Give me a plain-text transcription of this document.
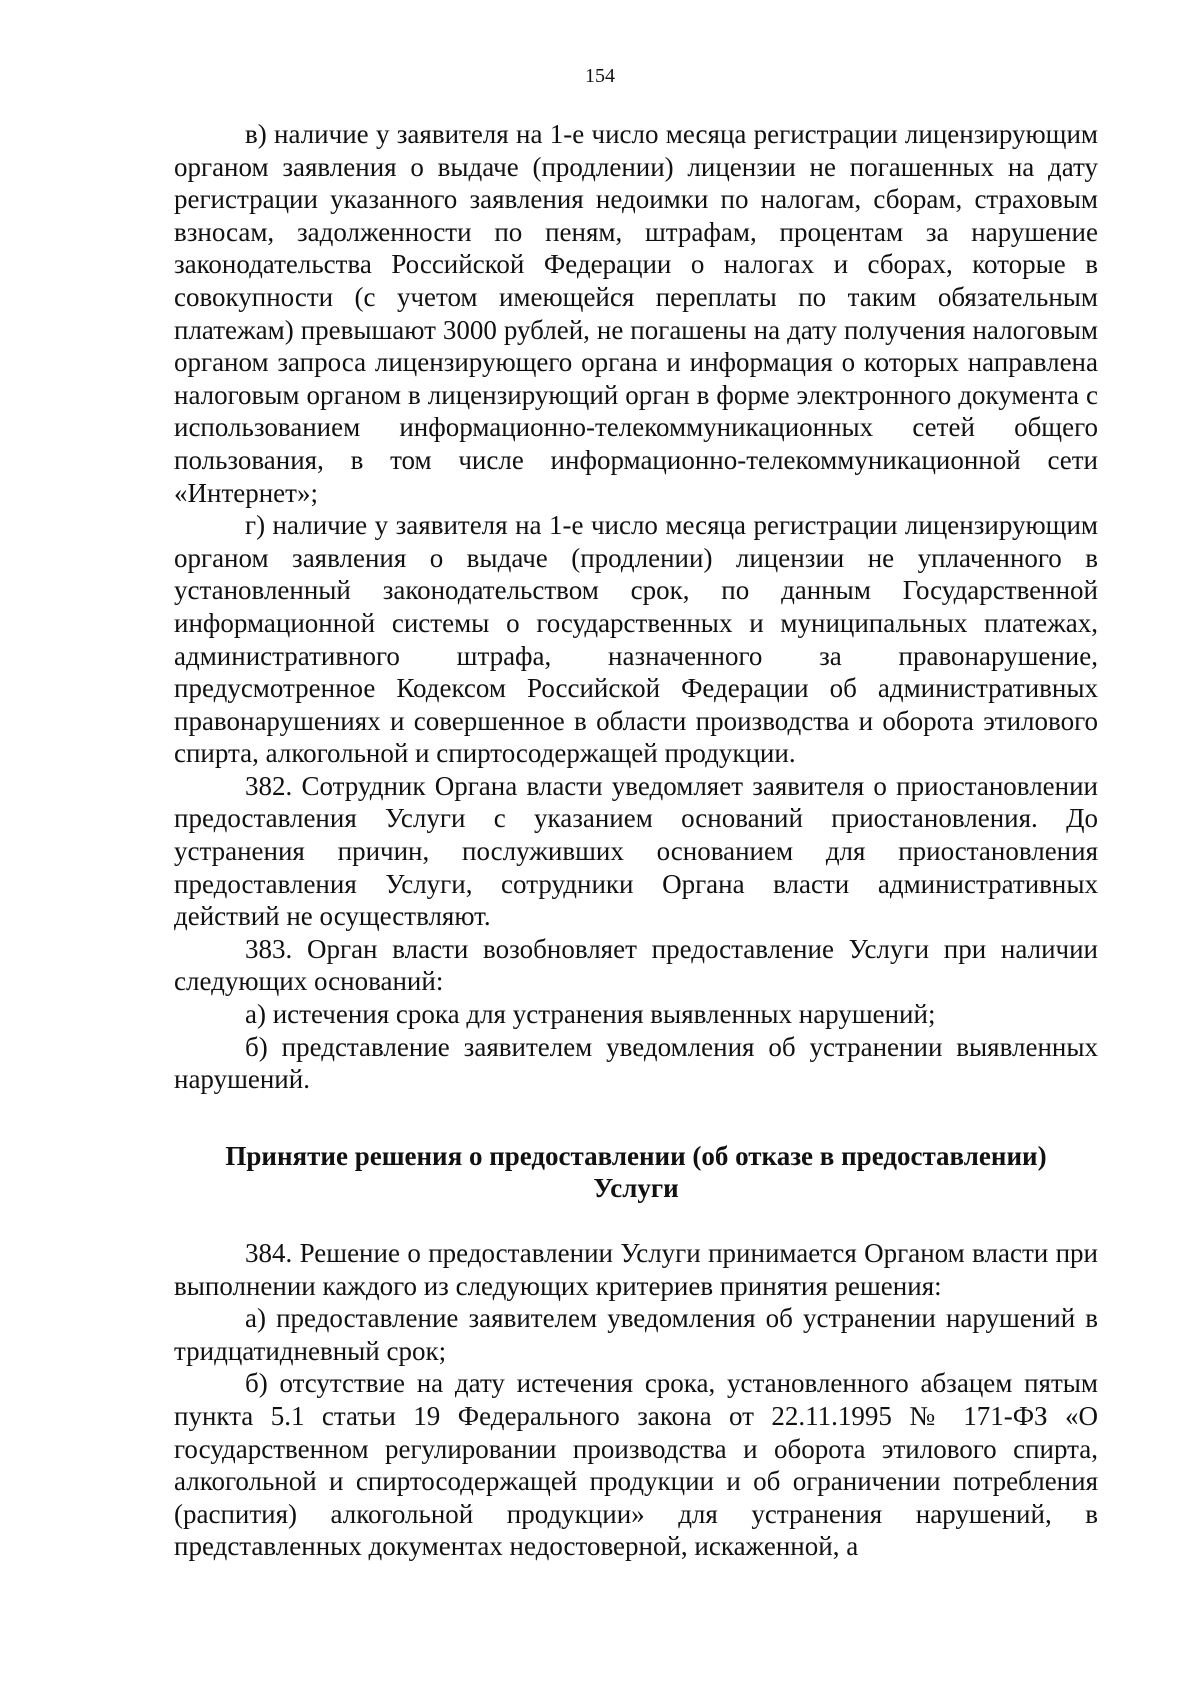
154

в) наличие у заявителя на 1-е число месяца регистрации лицензирующим органом заявления о выдаче (продлении) лицензии не погашенных на дату регистрации указанного заявления недоимки по налогам, сборам, страховым взносам, задолженности по пеням, штрафам, процентам за нарушение законодательства Российской Федерации о налогах и сборах, которые в совокупности (с учетом имеющейся переплаты по таким обязательным платежам) превышают 3000 рублей, не погашены на дату получения налоговым органом запроса лицензирующего органа и информация о которых направлена налоговым органом в лицензирующий орган в форме электронного документа с использованием информационно-телекоммуникационных сетей общего пользования, в том числе информационно-телекоммуникационной сети «Интернет»;

г) наличие у заявителя на 1-е число месяца регистрации лицензирующим органом заявления о выдаче (продлении) лицензии не уплаченного в установленный законодательством срок, по данным Государственной информационной системы о государственных и муниципальных платежах, административного штрафа, назначенного за правонарушение, предусмотренное Кодексом Российской Федерации об административных правонарушениях и совершенное в области производства и оборота этилового спирта, алкогольной и спиртосодержащей продукции.

382. Сотрудник Органа власти уведомляет заявителя о приостановлении предоставления Услуги с указанием оснований приостановления. До устранения причин, послуживших основанием для приостановления предоставления Услуги, сотрудники Органа власти административных действий не осуществляют.

383. Орган власти возобновляет предоставление Услуги при наличии следующих оснований:

а) истечения срока для устранения выявленных нарушений;

б) представление заявителем уведомления об устранении выявленных нарушений.

Принятие решения о предоставлении (об отказе в предоставлении)
Услуги

384. Решение о предоставлении Услуги принимается Органом власти при выполнении каждого из следующих критериев принятия решения:

а) предоставление заявителем уведомления об устранении нарушений в тридцатидневный срок;

б) отсутствие на дату истечения срока, установленного абзацем пятым пункта 5.1 статьи 19 Федерального закона от 22.11.1995 № 171-ФЗ «О государственном регулировании производства и оборота этилового спирта, алкогольной и спиртосодержащей продукции и об ограничении потребления (распития) алкогольной продукции» для устранения нарушений, в представленных документах недостоверной, искаженной, а
